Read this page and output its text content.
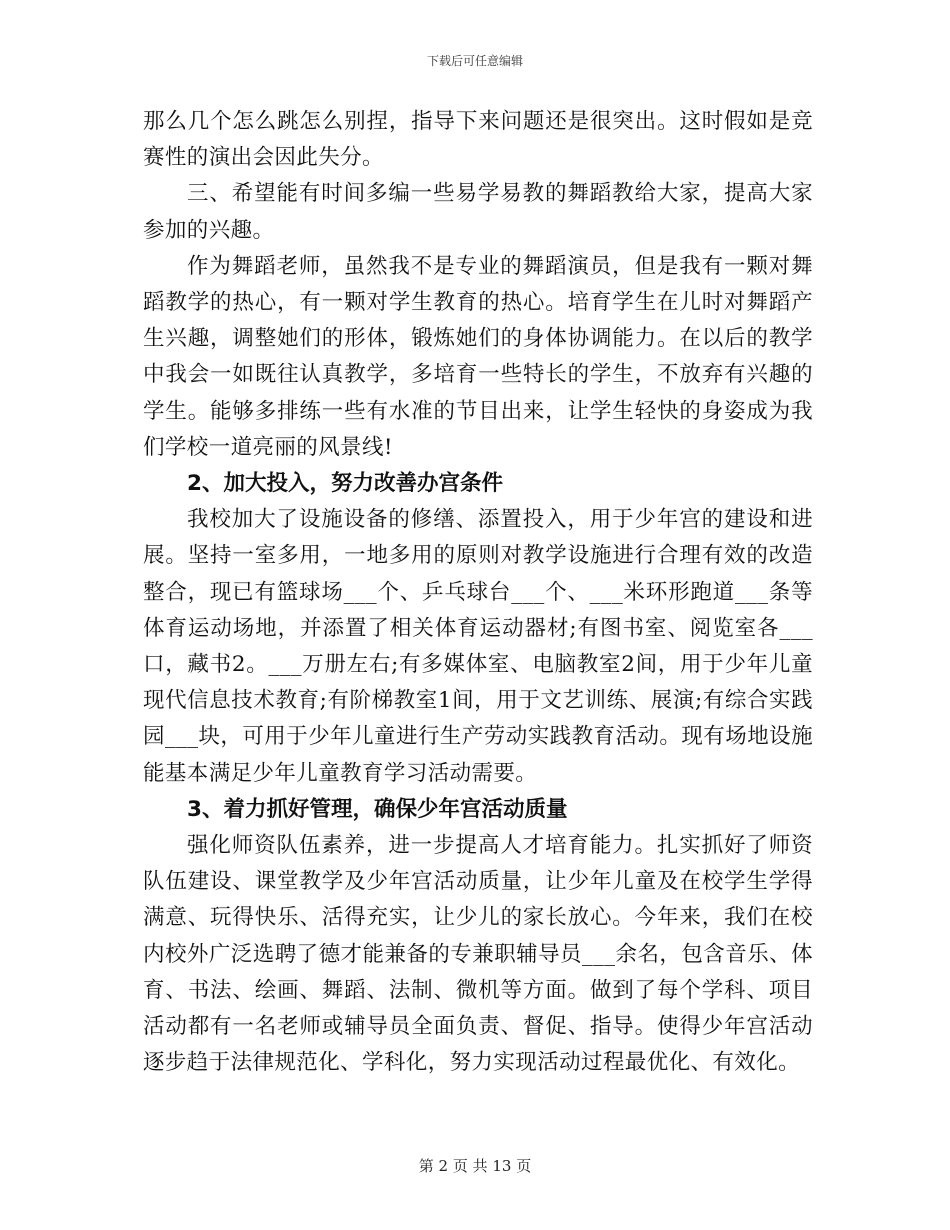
下载后可任意编辑

那么几个怎么跳怎么别捏，指导下来问题还是很突出。这时假如是竞赛性的演出会因此失分。

三、希望能有时间多编一些易学易教的舞蹈教给大家，提高大家参加的兴趣。

作为舞蹈老师，虽然我不是专业的舞蹈演员，但是我有一颗对舞蹈教学的热心，有一颗对学生教育的热心。培育学生在儿时对舞蹈产生兴趣，调整她们的形体，锻炼她们的身体协调能力。在以后的教学中我会一如既往认真教学，多培育一些特长的学生，不放弃有兴趣的学生。能够多排练一些有水准的节目出来，让学生轻快的身姿成为我们学校一道亮丽的风景线!

2、加大投入，努力改善办宫条件

我校加大了设施设备的修缮、添置投入，用于少年宫的建设和进展。坚持一室多用，一地多用的原则对教学设施进行合理有效的改造整合，现已有篮球场___个、乒乓球台___个、___米环形跑道___条等体育运动场地，并添置了相关体育运动器材;有图书室、阅览室各___口，藏书2。___万册左右;有多媒体室、电脑教室2间，用于少年儿童现代信息技术教育;有阶梯教室1间，用于文艺训练、展演;有综合实践园___块，可用于少年儿童进行生产劳动实践教育活动。现有场地设施能基本满足少年儿童教育学习活动需要。

3、着力抓好管理，确保少年宫活动质量

强化师资队伍素养，进一步提高人才培育能力。扎实抓好了师资队伍建设、课堂教学及少年宫活动质量，让少年儿童及在校学生学得满意、玩得快乐、活得充实，让少儿的家长放心。今年来，我们在校内校外广泛选聘了德才能兼备的专兼职辅导员___余名，包含音乐、体育、书法、绘画、舞蹈、法制、微机等方面。做到了每个学科、项目活动都有一名老师或辅导员全面负责、督促、指导。使得少年宫活动逐步趋于法律规范化、学科化，努力实现活动过程最优化、有效化。

第 2 页 共 13 页
